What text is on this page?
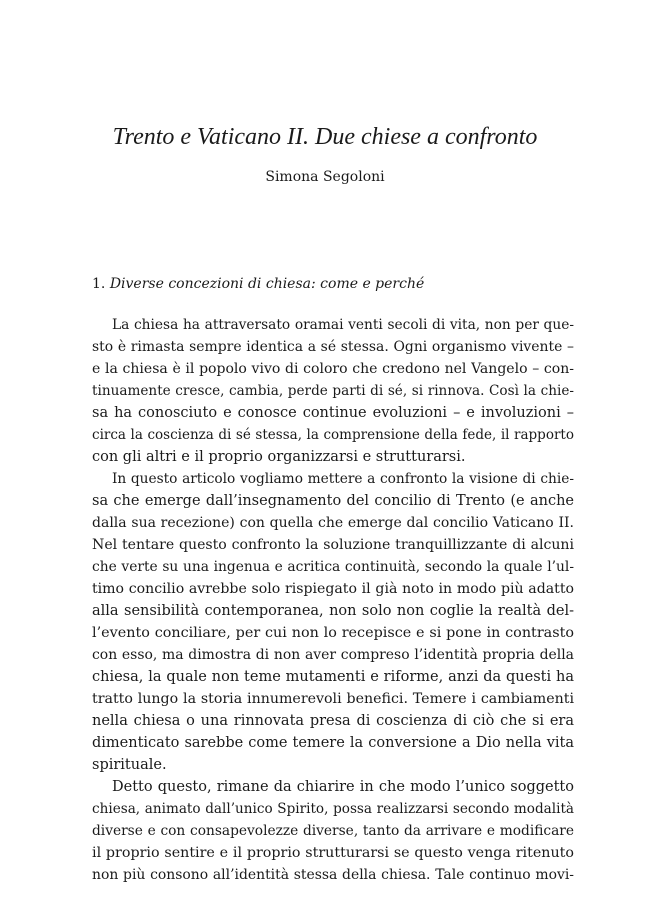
Trento e Vaticano II. Due chiese a confronto
Simona Segoloni
1. Diverse concezioni di chiesa: come e perché
La chiesa ha attraversato oramai venti secoli di vita, non per que-
sto è rimasta sempre identica a sé stessa. Ogni organismo vivente –
e la chiesa è il popolo vivo di coloro che credono nel Vangelo – con-
tinuamente cresce, cambia, perde parti di sé, si rinnova. Così la chie-
sa ha conosciuto e conosce continue evoluzioni – e involuzioni –
circa la coscienza di sé stessa, la comprensione della fede, il rapporto
con gli altri e il proprio organizzarsi e strutturarsi.
In questo articolo vogliamo mettere a confronto la visione di chie-
sa che emerge dall’insegnamento del concilio di Trento (e anche
dalla sua recezione) con quella che emerge dal concilio Vaticano II.
Nel tentare questo confronto la soluzione tranquillizzante di alcuni
che verte su una ingenua e acritica continuità, secondo la quale l’ul-
timo concilio avrebbe solo rispiegato il già noto in modo più adatto
alla sensibilità contemporanea, non solo non coglie la realtà del-
l’evento conciliare, per cui non lo recepisce e si pone in contrasto
con esso, ma dimostra di non aver compreso l’identità propria della
chiesa, la quale non teme mutamenti e riforme, anzi da questi ha
tratto lungo la storia innumerevoli benefici. Temere i cambiamenti
nella chiesa o una rinnovata presa di coscienza di ciò che si era
dimenticato sarebbe come temere la conversione a Dio nella vita
spirituale.
Detto questo, rimane da chiarire in che modo l’unico soggetto
chiesa, animato dall’unico Spirito, possa realizzarsi secondo modalità
diverse e con consapevolezze diverse, tanto da arrivare e modificare
il proprio sentire e il proprio strutturarsi se questo venga ritenuto
non più consono all’identità stessa della chiesa. Tale continuo movi-
